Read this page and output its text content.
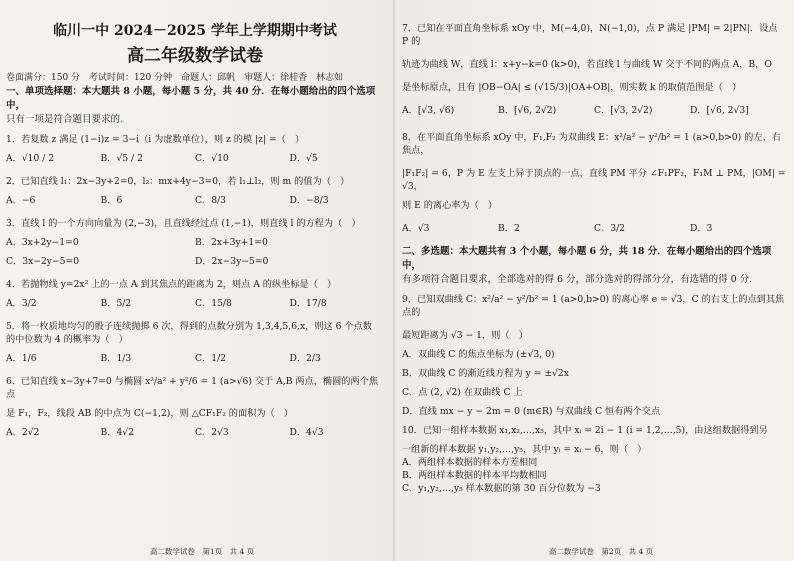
临川一中 2024－2025 学年上学期期中考试
高二年级数学试卷
卷面满分：150 分　考试时间：120 分钟　命题人：邱帆　审题人：徐桂香　林志如
一、单项选择题：本大题共 8 小题，每小题 5 分，共 40 分．在每小题给出的四个选项中，
只有一项是符合题目要求的．
1．若复数 z 满足 (1−i)z = 3−i（i 为虚数单位），则 z 的模 |z| =（　）
A．√10 / 2	B．√5 / 2	C．√10	D．√5
2．已知直线 l₁：2x−3y+2=0，l₂：mx+4y−3=0，若 l₁⊥l₂，则 m 的值为（　）
A．−6	B．6	C．8/3	D．−8/3
3．直线 l 的一个方向向量为 (2,−3)，且直线经过点 (1,−1)，则直线 l 的方程为（　）
A．3x+2y−1=0	B．2x+3y+1=0
C．3x−2y−5=0	D．2x−3y−5=0
4．若抛物线 y=2x² 上的一点 A 到其焦点的距离为 2，则点 A 的纵坐标是（　）
A．3/2	B．5/2	C．15/8	D．17/8
5．将一枚质地均匀的骰子连续抛掷 6 次，得到的点数分别为 1,3,4,5,6,x，则这 6 个点数
的中位数为 4 的概率为（　）
A．1/6	B．1/3	C．1/2	D．2/3
6．已知直线 x−3y+7=0 与椭圆 x²/a² + y²/6 = 1 (a>√6) 交于 A,B 两点，椭圆的两个焦点
是 F₁，F₂，线段 AB 的中点为 C(−1,2)，则 △CF₁F₂ 的面积为（　）
A．2√2	B．4√2	C．2√3	D．4√3
高二数学试卷　第1页　共 4 页
7．已知在平面直角坐标系 xOy 中，M(−4,0)，N(−1,0)，点 P 满足 |PM| = 2|PN|．设点 P 的
轨迹为曲线 W，直线 l：x+y−k=0 (k>0)，若直线 l 与曲线 W 交于不同的两点 A，B，O
是坐标原点，且有 |OB−OA| ≤ (√15/3)|OA+OB|，则实数 k 的取值范围是（　）
A．[√3, √6)	B．[√6, 2√2)	C．[√3, 2√2)	D．[√6, 2√3]
8．在平面直角坐标系 xOy 中，F₁,F₂ 为双曲线 E：x²/a² − y²/b² = 1 (a>0,b>0) 的左、右焦点，
|F₁F₂| = 6，P 为 E 左支上异于顶点的一点，直线 PM 平分 ∠F₁PF₂，F₁M ⊥ PM，|OM| = √3，
则 E 的离心率为（　）
A．√3	B．2	C．3/2	D．3
二、多选题：本大题共有 3 个小题，每小题 6 分，共 18 分．在每小题给出的四个选项中，
有多项符合题目要求，全部选对的得 6 分，部分选对的得部分分，有选错的得 0 分．
9．已知双曲线 C：x²/a² − y²/b² = 1 (a>0,b>0) 的离心率 e = √3，C 的右支上的点到其焦点的
最短距离为 √3 − 1，则（　）
A．双曲线 C 的焦点坐标为 (±√3, 0)
B．双曲线 C 的渐近线方程为 y = ±√2x
C．点 (2, √2) 在双曲线 C 上
D．直线 mx − y − 2m = 0 (m∈R) 与双曲线 C 恒有两个交点
10．已知一组样本数据 x₁,x₂,…,x₅，其中 xᵢ = 2i − 1 (i = 1,2,…,5)，由这组数据得到另
一组新的样本数据 y₁,y₂,…,y₅，其中 yᵢ = xᵢ − 6，则（　）
A．两组样本数据的样本方差相同
B．两组样本数据的样本平均数相同
C．y₁,y₂,…,y₅ 样本数据的第 30 百分位数为 −3
高二数学试卷　第2页　共 4 页
